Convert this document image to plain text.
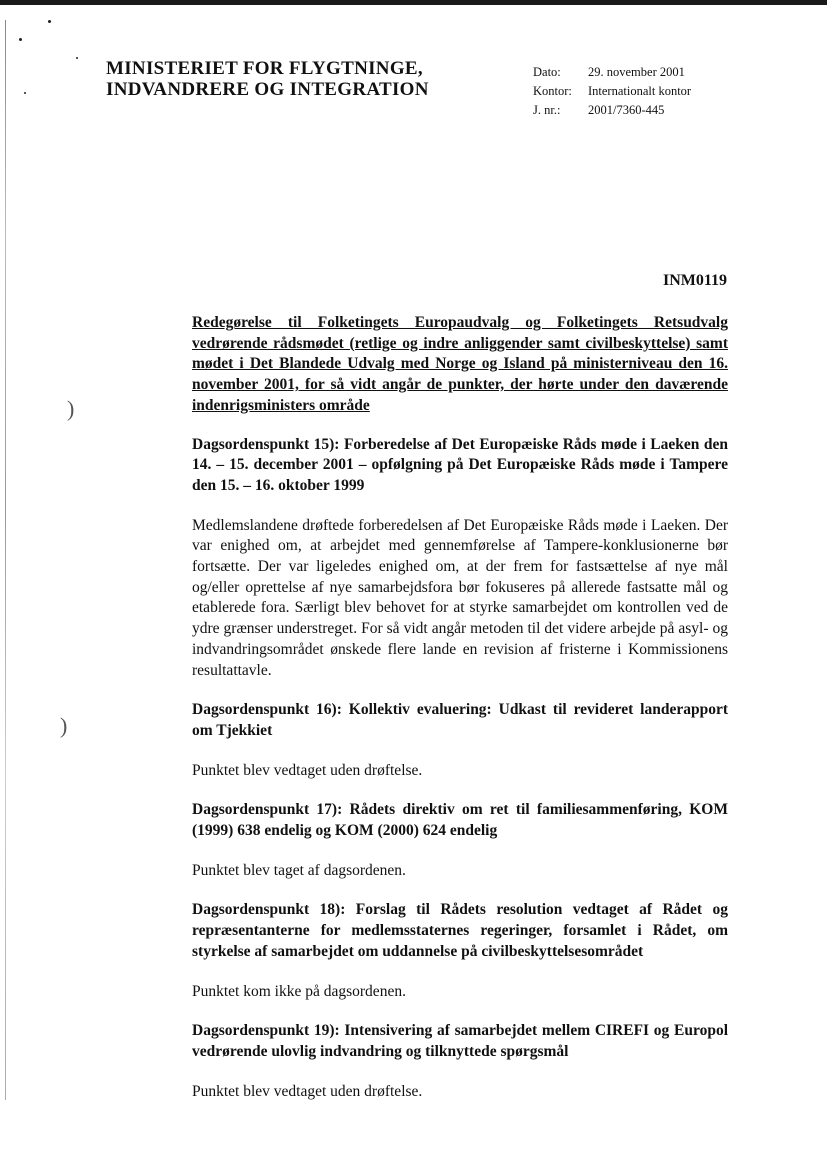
)
)
MINISTERIET FOR FLYGTNINGE,
INDVANDRERE OG INTEGRATION
Dato:	29. november 2001
Kontor:	Internationalt kontor
J. nr.:	2001/7360-445
INM0119
Redegørelse til Folketingets Europaudvalg og Folketingets Retsudvalg vedrørende rådsmødet (retlige og indre anliggender samt civilbeskyttelse) samt mødet i Det Blandede Udvalg med Norge og Island på ministerniveau den 16. november 2001, for så vidt angår de punkter, der hørte under den daværende indenrigsministers område
Dagsordenspunkt 15): Forberedelse af Det Europæiske Råds møde i Laeken den 14. – 15. december 2001 – opfølgning på Det Europæiske Råds møde i Tampere den 15. – 16. oktober 1999
Medlemslandene drøftede forberedelsen af Det Europæiske Råds møde i Laeken. Der var enighed om, at arbejdet med gennemførelse af Tampere-konklusionerne bør fortsætte. Der var ligeledes enighed om, at der frem for fastsættelse af nye mål og/eller oprettelse af nye samarbejdsfora bør fokuseres på allerede fastsatte mål og etablerede fora. Særligt blev behovet for at styrke samarbejdet om kontrollen ved de ydre grænser understreget. For så vidt angår metoden til det videre arbejde på asyl- og indvandringsområdet ønskede flere lande en revision af fristerne i Kommissionens resultattavle.
Dagsordenspunkt 16): Kollektiv evaluering: Udkast til revideret landerapport om Tjekkiet
Punktet blev vedtaget uden drøftelse.
Dagsordenspunkt 17): Rådets direktiv om ret til familiesammenføring, KOM (1999) 638 endelig og KOM (2000) 624 endelig
Punktet blev taget af dagsordenen.
Dagsordenspunkt 18): Forslag til Rådets resolution vedtaget af Rådet og repræsentanterne for medlemsstaternes regeringer, forsamlet i Rådet, om styrkelse af samarbejdet om uddannelse på civilbeskyttelsesområdet
Punktet kom ikke på dagsordenen.
Dagsordenspunkt 19): Intensivering af samarbejdet mellem CIREFI og Europol vedrørende ulovlig indvandring og tilknyttede spørgsmål
Punktet blev vedtaget uden drøftelse.
